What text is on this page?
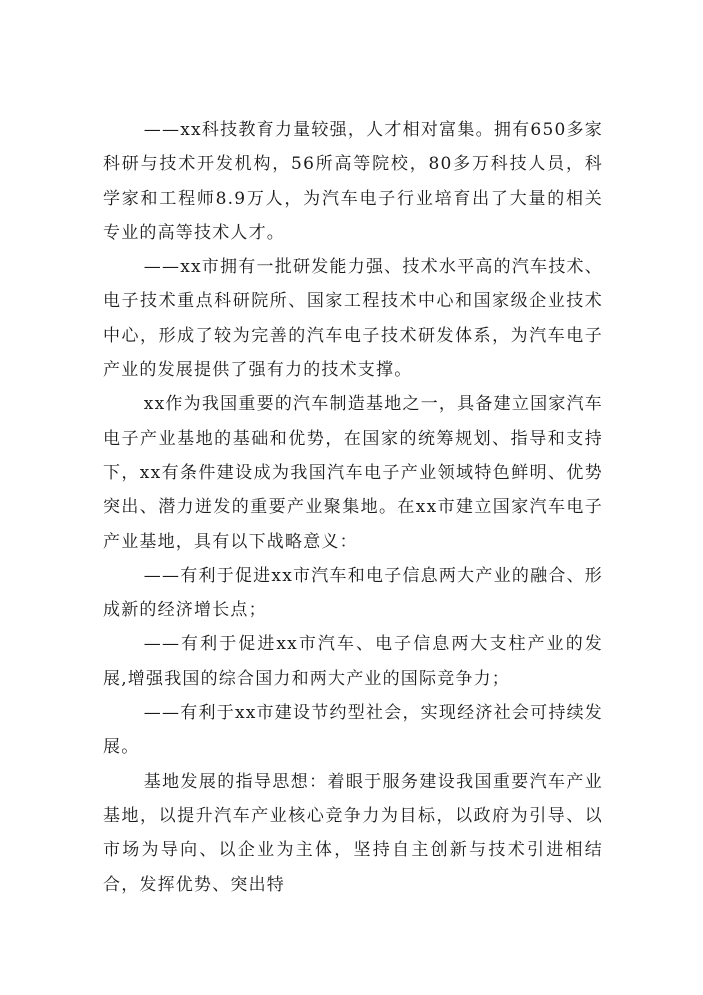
——xx科技教育力量较强，人才相对富集。拥有650多家科研与技术开发机构，56所高等院校，80多万科技人员，科学家和工程师8.9万人，为汽车电子行业培育出了大量的相关专业的高等技术人才。

——xx市拥有一批研发能力强、技术水平高的汽车技术、电子技术重点科研院所、国家工程技术中心和国家级企业技术中心，形成了较为完善的汽车电子技术研发体系，为汽车电子产业的发展提供了强有力的技术支撑。

xx作为我国重要的汽车制造基地之一，具备建立国家汽车电子产业基地的基础和优势，在国家的统筹规划、指导和支持下，xx有条件建设成为我国汽车电子产业领域特色鲜明、优势突出、潜力迸发的重要产业聚集地。在xx市建立国家汽车电子产业基地，具有以下战略意义：

——有利于促进xx市汽车和电子信息两大产业的融合、形成新的经济增长点；

——有利于促进xx市汽车、电子信息两大支柱产业的发展,增强我国的综合国力和两大产业的国际竞争力；

——有利于xx市建设节约型社会，实现经济社会可持续发展。

基地发展的指导思想：着眼于服务建设我国重要汽车产业基地，以提升汽车产业核心竞争力为目标，以政府为引导、以市场为导向、以企业为主体，坚持自主创新与技术引进相结合，发挥优势、突出特
